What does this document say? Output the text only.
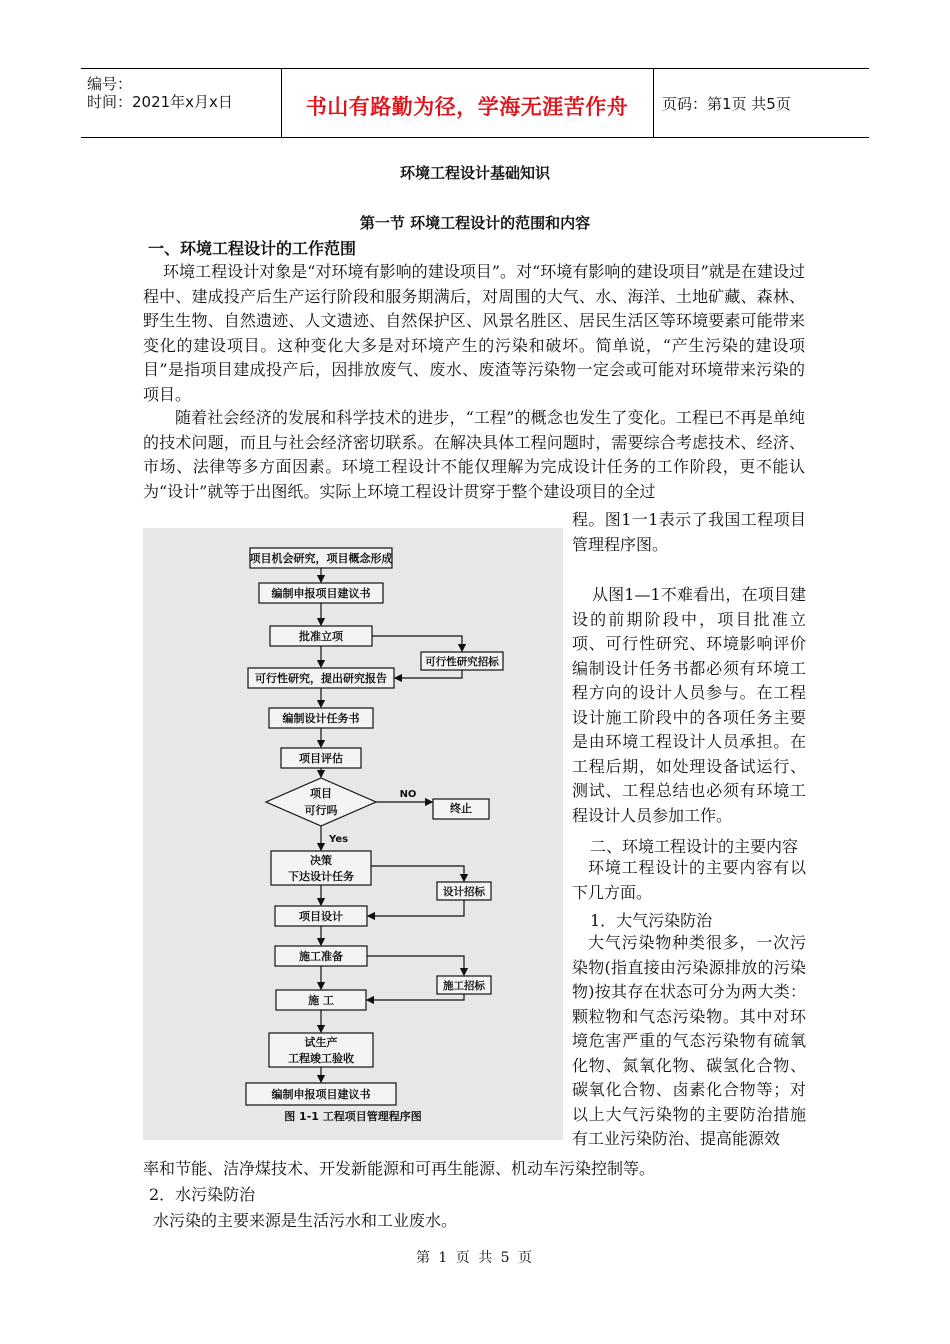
编号：
时间：2021年x月x日	书山有路勤为径，学海无涯苦作舟	页码：第1页 共5页
环境工程设计基础知识
第一节 环境工程设计的范围和内容
一、环境工程设计的工作范围

环境工程设计对象是“对环境有影响的建设项目”。对“环境有影响的建设项目”就是在建设过程中、建成投产后生产运行阶段和服务期满后，对周围的大气、水、海洋、土地矿藏、森林、野生生物、自然遗迹、人文遗迹、自然保护区、风景名胜区、居民生活区等环境要素可能带来变化的建设项目。这种变化大多是对环境产生的污染和破坏。简单说，“产生污染的建设项目”是指项目建成投产后，因排放废气、废水、废渣等污染物一定会或可能对环境带来污染的项目。

随着社会经济的发展和科学技术的进步，“工程”的概念也发生了变化。工程已不再是单纯的技术问题，而且与社会经济密切联系。在解决具体工程问题时，需要综合考虑技术、经济、市场、法律等多方面因素。环境工程设计不能仅理解为完成设计任务的工作阶段，更不能认为“设计”就等于出图纸。实际上环境工程设计贯穿于整个建设项目的全过

程。图1一1表示了我国工程项目管理程序图。

从图1—1不难看出，在项目建设的前期阶段中，项目批准立项、可行性研究、环境影响评价编制设计任务书都必须有环境工程方向的设计人员参与。在工程设计施工阶段中的各项任务主要是由环境工程设计人员承担。在工程后期，如处理设备试运行、测试、工程总结也必须有环境工程设计人员参加工作。

二、环境工程设计的主要内容

环境工程设计的主要内容有以下几方面。

1．大气污染防治

大气污染物种类很多，一次污染物(指直接由污染源排放的污染物)按其存在状态可分为两大类：颗粒物和气态污染物。其中对环境危害严重的气态污染物有硫氧化物、氮氧化物、碳氢化合物、碳氧化合物、卤素化合物等；对以上大气污染物的主要防治措施有工业污染防治、提高能源效

率和节能、洁净煤技术、开发新能源和可再生能源、机动车污染控制等。
2．水污染防治
水污染的主要来源是生活污水和工业废水。
项目机会研究，项目概念形成
编制申报项目建议书
批准立项
可行性研究，提出研究报告
编制设计任务书
项目评估
决策
下达设计任务
项目设计
施工准备
施 工
试生产
工程竣工验收
编制申报项目建议书
项目
可行吗
Yes
NO
终止
可行性研究招标
设计招标
施工招标
图 1-1 工程项目管理程序图
第 1 页 共 5 页
